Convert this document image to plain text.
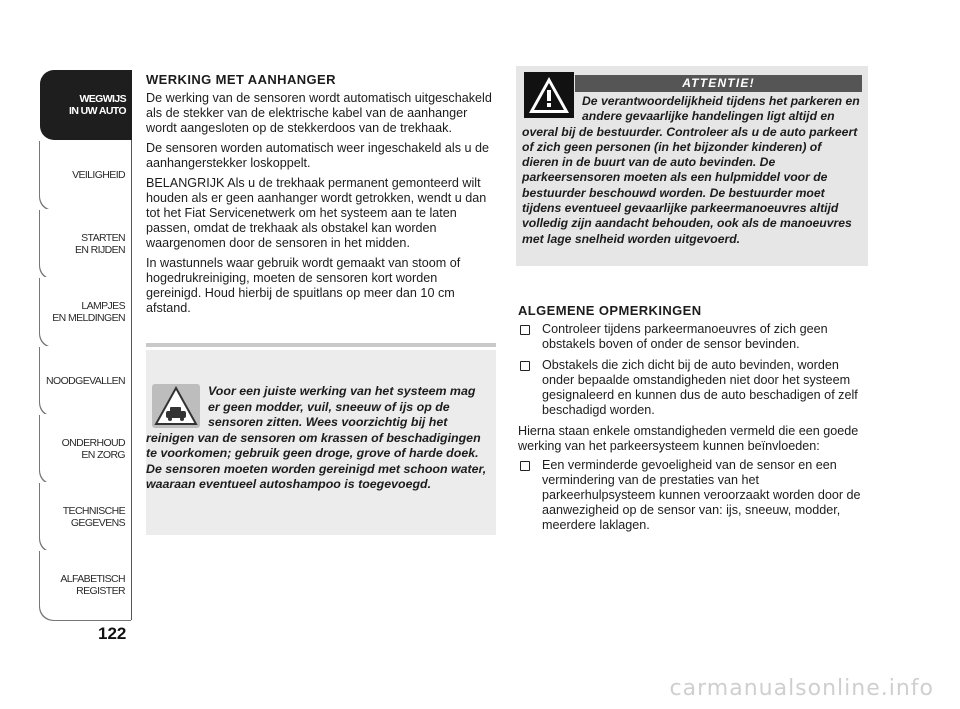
WEGWIJS
IN UW AUTO
VEILIGHEID
STARTEN
EN RIJDEN
LAMPJES
EN MELDINGEN
NOODGEVALLEN
ONDERHOUD
EN ZORG
TECHNISCHE
GEGEVENS
ALFABETISCH
REGISTER
122
WERKING MET AANHANGER

De werking van de sensoren wordt automatisch uitgeschakeld als de stekker van de elektrische kabel van de aanhanger wordt aangesloten op de stekkerdoos van de trekhaak.

De sensoren worden automatisch weer ingeschakeld als u de aanhangerstekker loskoppelt.

BELANGRIJK Als u de trekhaak permanent gemonteerd wilt houden als er geen aanhanger wordt getrokken, wendt u dan tot het Fiat Servicenetwerk om het systeem aan te laten passen, omdat de trekhaak als obstakel kan worden waargenomen door de sensoren in het midden.

In wastunnels waar gebruik wordt gemaakt van stoom of hogedrukreiniging, moeten de sensoren kort worden gereinigd. Houd hierbij de spuitlans op meer dan 10 cm afstand.

Voor een juiste werking van het systeem mag er geen modder, vuil, sneeuw of ijs op de sensoren zitten. Wees voorzichtig bij het reinigen van de sensoren om krassen of beschadigingen te voorkomen; gebruik geen droge, grove of harde doek. De sensoren moeten worden gereinigd met schoon water, waaraan eventueel autoshampoo is toegevoegd.
De verantwoordelijkheid tijdens het parkeren en andere gevaarlijke handelingen ligt altijd en overal bij de bestuurder. Controleer als u de auto parkeert of zich geen personen (in het bijzonder kinderen) of dieren in de buurt van de auto bevinden. De parkeersensoren moeten als een hulpmiddel voor de bestuurder beschouwd worden. De bestuurder moet tijdens eventueel gevaarlijke parkeermanoeuvres altijd volledig zijn aandacht behouden, ook als de manoeuvres met lage snelheid worden uitgevoerd.
ATTENTIE!
ALGEMENE OPMERKINGEN
Controleer tijdens parkeermanoeuvres of zich geen obstakels boven of onder de sensor bevinden.
Obstakels die zich dicht bij de auto bevinden, worden onder bepaalde omstandigheden niet door het systeem gesignaleerd en kunnen dus de auto beschadigen of zelf beschadigd worden.

Hierna staan enkele omstandigheden vermeld die een goede werking van het parkeersysteem kunnen beïnvloeden:

Een verminderde gevoeligheid van de sensor en een vermindering van de prestaties van het parkeerhulpsysteem kunnen veroorzaakt worden door de aanwezigheid op de sensor van: ijs, sneeuw, modder, meerdere laklagen.
carmanualsonline.info
